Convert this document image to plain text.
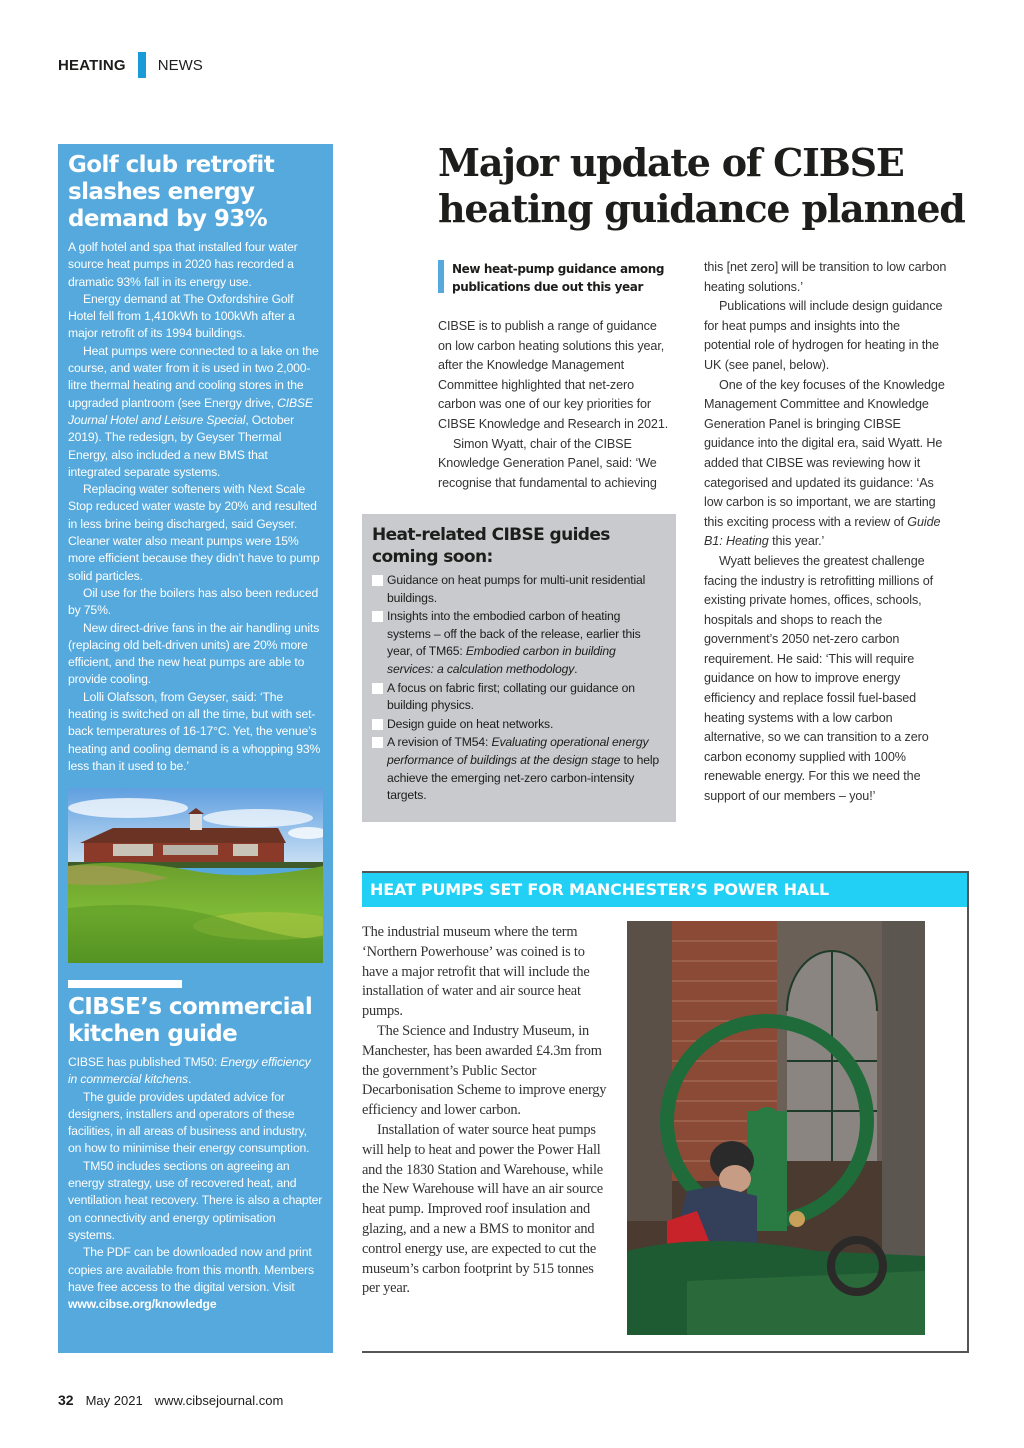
HEATING NEWS
Golf club retrofit slashes energy demand by 93%

A golf hotel and spa that installed four water source heat pumps in 2020 has recorded a dramatic 93% fall in its energy use.

Energy demand at The Oxfordshire Golf Hotel fell from 1,410kWh to 100kWh after a major retrofit of its 1994 buildings.

Heat pumps were connected to a lake on the course, and water from it is used in two 2,000-litre thermal heating and cooling stores in the upgraded plantroom (see Energy drive, CIBSE Journal Hotel and Leisure Special, October 2019). The redesign, by Geyser Thermal Energy, also included a new BMS that integrated separate systems.

Replacing water softeners with Next Scale Stop reduced water waste by 20% and resulted in less brine being discharged, said Geyser. Cleaner water also meant pumps were 15% more efficient because they didn’t have to pump solid particles.

Oil use for the boilers has also been reduced by 75%.

New direct-drive fans in the air handling units (replacing old belt-driven units) are 20% more efficient, and the new heat pumps are able to provide cooling.

Lolli Olafsson, from Geyser, said: ‘The heating is switched on all the time, but with set-back temperatures of 16-17°C. Yet, the venue’s heating and cooling demand is a whopping 93% less than it used to be.’

CIBSE’s commercial kitchen guide

CIBSE has published TM50: Energy efficiency in commercial kitchens.

The guide provides updated advice for designers, installers and operators of these facilities, in all areas of business and industry, on how to minimise their energy consumption.

TM50 includes sections on agreeing an energy strategy, use of recovered heat, and ventilation heat recovery. There is also a chapter on connectivity and energy optimisation systems.

The PDF can be downloaded now and print copies are available from this month. Members have free access to the digital version. Visit www.cibse.org/knowledge

Major update of CIBSE heating guidance planned
New heat-pump guidance among publications due out this year

CIBSE is to publish a range of guidance on low carbon heating solutions this year, after the Knowledge Management Committee highlighted that net-zero carbon was one of our key priorities for CIBSE Knowledge and Research in 2021.

Simon Wyatt, chair of the CIBSE Knowledge Generation Panel, said: ‘We recognise that fundamental to achieving

this [net zero] will be transition to low carbon heating solutions.’

Publications will include design guidance for heat pumps and insights into the potential role of hydrogen for heating in the UK (see panel, below).

One of the key focuses of the Knowledge Management Committee and Knowledge Generation Panel is bringing CIBSE guidance into the digital era, said Wyatt. He added that CIBSE was reviewing how it categorised and updated its guidance: ‘As low carbon is so important, we are starting this exciting process with a review of Guide B1: Heating this year.’

Wyatt believes the greatest challenge facing the industry is retrofitting millions of existing private homes, offices, schools, hospitals and shops to reach the government’s 2050 net-zero carbon requirement. He said: ‘This will require guidance on how to improve energy efficiency and replace fossil fuel-based heating systems with a low carbon alternative, so we can transition to a zero carbon economy supplied with 100% renewable energy. For this we need the support of our members – you!’

Heat-related CIBSE guides coming soon:
Guidance on heat pumps for multi-unit residential buildings.
Insights into the embodied carbon of heating systems – off the back of the release, earlier this year, of TM65: Embodied carbon in building services: a calculation methodology.
A focus on fabric first; collating our guidance on building physics.
Design guide on heat networks.
A revision of TM54: Evaluating operational energy performance of buildings at the design stage to help achieve the emerging net-zero carbon-intensity targets.
HEAT PUMPS SET FOR MANCHESTER’S POWER HALL

The industrial museum where the term ‘Northern Powerhouse’ was coined is to have a major retrofit that will include the installation of water and air source heat pumps.

The Science and Industry Museum, in Manchester, has been awarded £4.3m from the government’s Public Sector Decarbonisation Scheme to improve energy efficiency and lower carbon.

Installation of water source heat pumps will help to heat and power the Power Hall and the 1830 Station and Warehouse, while the New Warehouse will have an air source heat pump. Improved roof insulation and glazing, and a new a BMS to monitor and control energy use, are expected to cut the museum’s carbon footprint by 515 tonnes per year.

32 May 2021 www.cibsejournal.com
